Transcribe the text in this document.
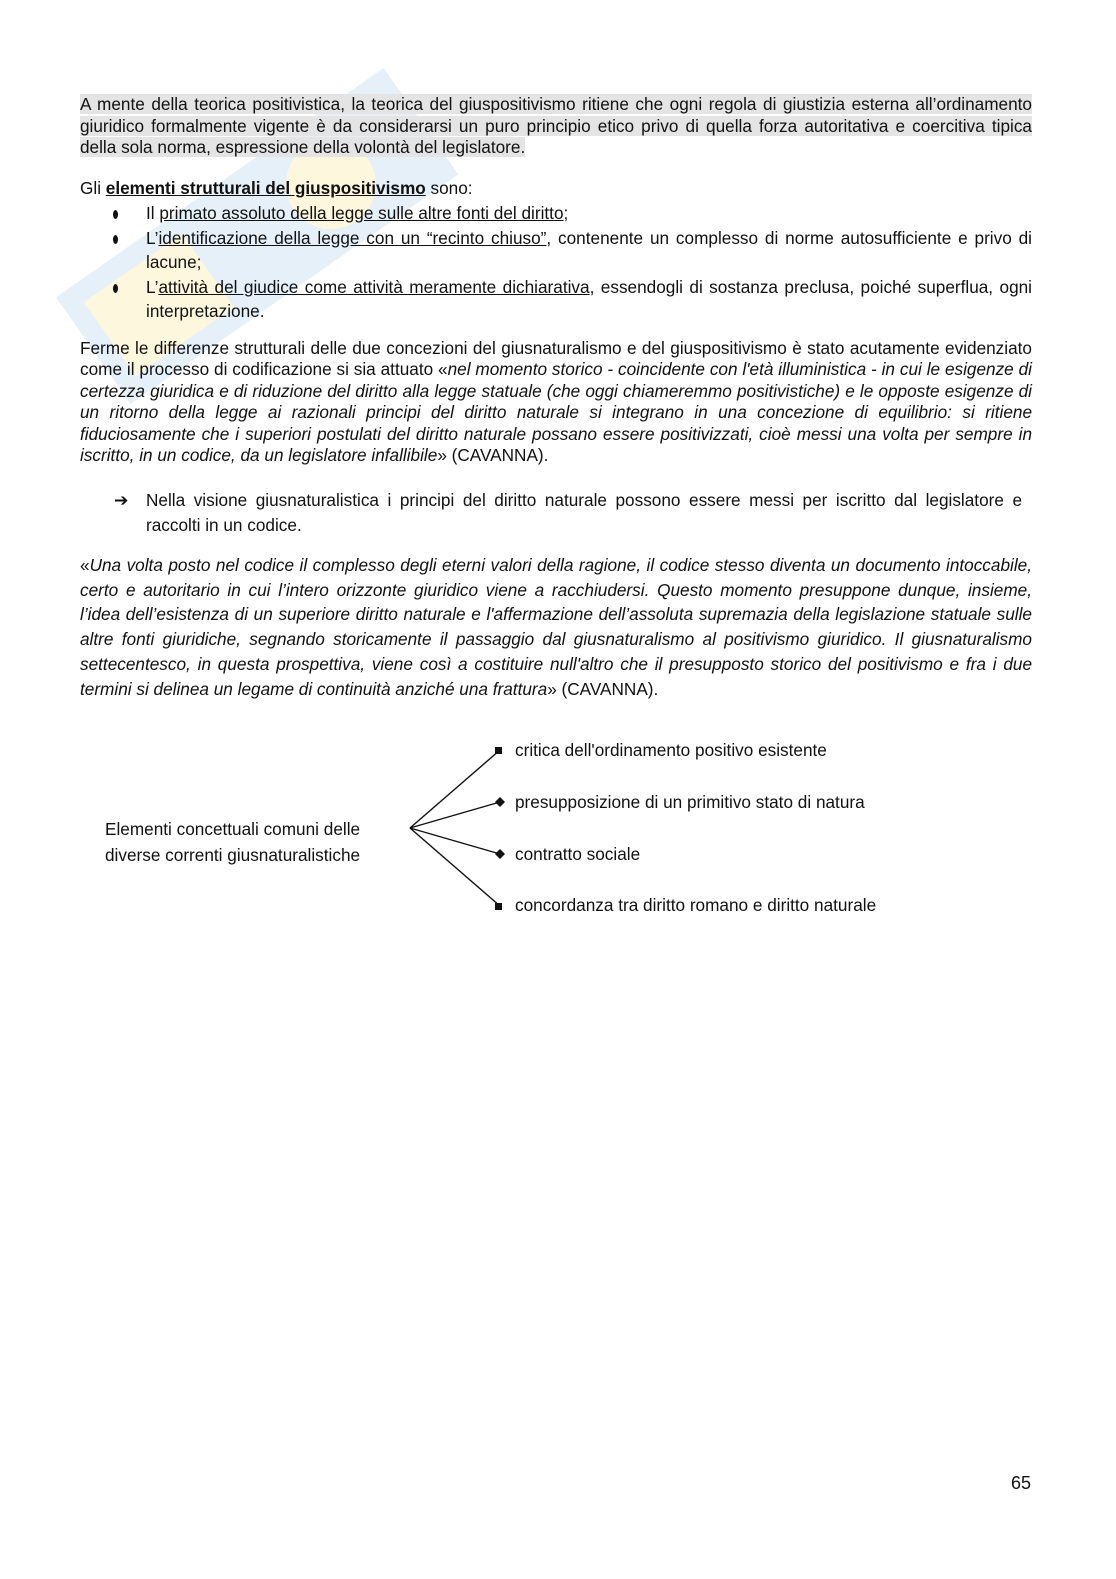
A mente della teorica positivistica, la teorica del giuspositivismo ritiene che ogni regola di giustizia esterna all’ordinamento giuridico formalmente vigente è da considerarsi un puro principio etico privo di quella forza autoritativa e coercitiva tipica della sola norma, espressione della volontà del legislatore.
Gli elementi strutturali del giuspositivismo sono:
Il primato assoluto della legge sulle altre fonti del diritto;
L’identificazione della legge con un “recinto chiuso”, contenente un complesso di norme autosufficiente e privo di lacune;
L’attività del giudice come attività meramente dichiarativa, essendogli di sostanza preclusa, poiché superflua, ogni interpretazione.
Ferme le differenze strutturali delle due concezioni del giusnaturalismo e del giuspositivismo è stato acutamente evidenziato come il processo di codificazione si sia attuato «nel momento storico - coincidente con l'età illuministica - in cui le esigenze di certezza giuridica e di riduzione del diritto alla legge statuale (che oggi chiameremmo positivistiche) e le opposte esigenze di un ritorno della legge ai razionali principi del diritto naturale si integrano in una concezione di equilibrio: si ritiene fiduciosamente che i superiori postulati del diritto naturale possano essere positivizzati, cioè messi una volta per sempre in iscritto, in un codice, da un legislatore infallibile» (CAVANNA).
➔ Nella visione giusnaturalistica i principi del diritto naturale possono essere messi per iscritto dal legislatore e raccolti in un codice.
«Una volta posto nel codice il complesso degli eterni valori della ragione, il codice stesso diventa un documento intoccabile, certo e autoritario in cui l’intero orizzonte giuridico viene a racchiudersi. Questo momento presuppone dunque, insieme, l’idea dell’esistenza di un superiore diritto naturale e l'affermazione dell’assoluta supremazia della legislazione statuale sulle altre fonti giuridiche, segnando storicamente il passaggio dal giusnaturalismo al positivismo giuridico. Il giusnaturalismo settecentesco, in questa prospettiva, viene così a costituire null'altro che il presupposto storico del positivismo e fra i due termini si delinea un legame di continuità anziché una frattura» (CAVANNA).
Elementi concettuali comuni delle
diverse correnti giusnaturalistiche
critica dell'ordinamento positivo esistente
presupposizione di un primitivo stato di natura
contratto sociale
concordanza tra diritto romano e diritto naturale
65
